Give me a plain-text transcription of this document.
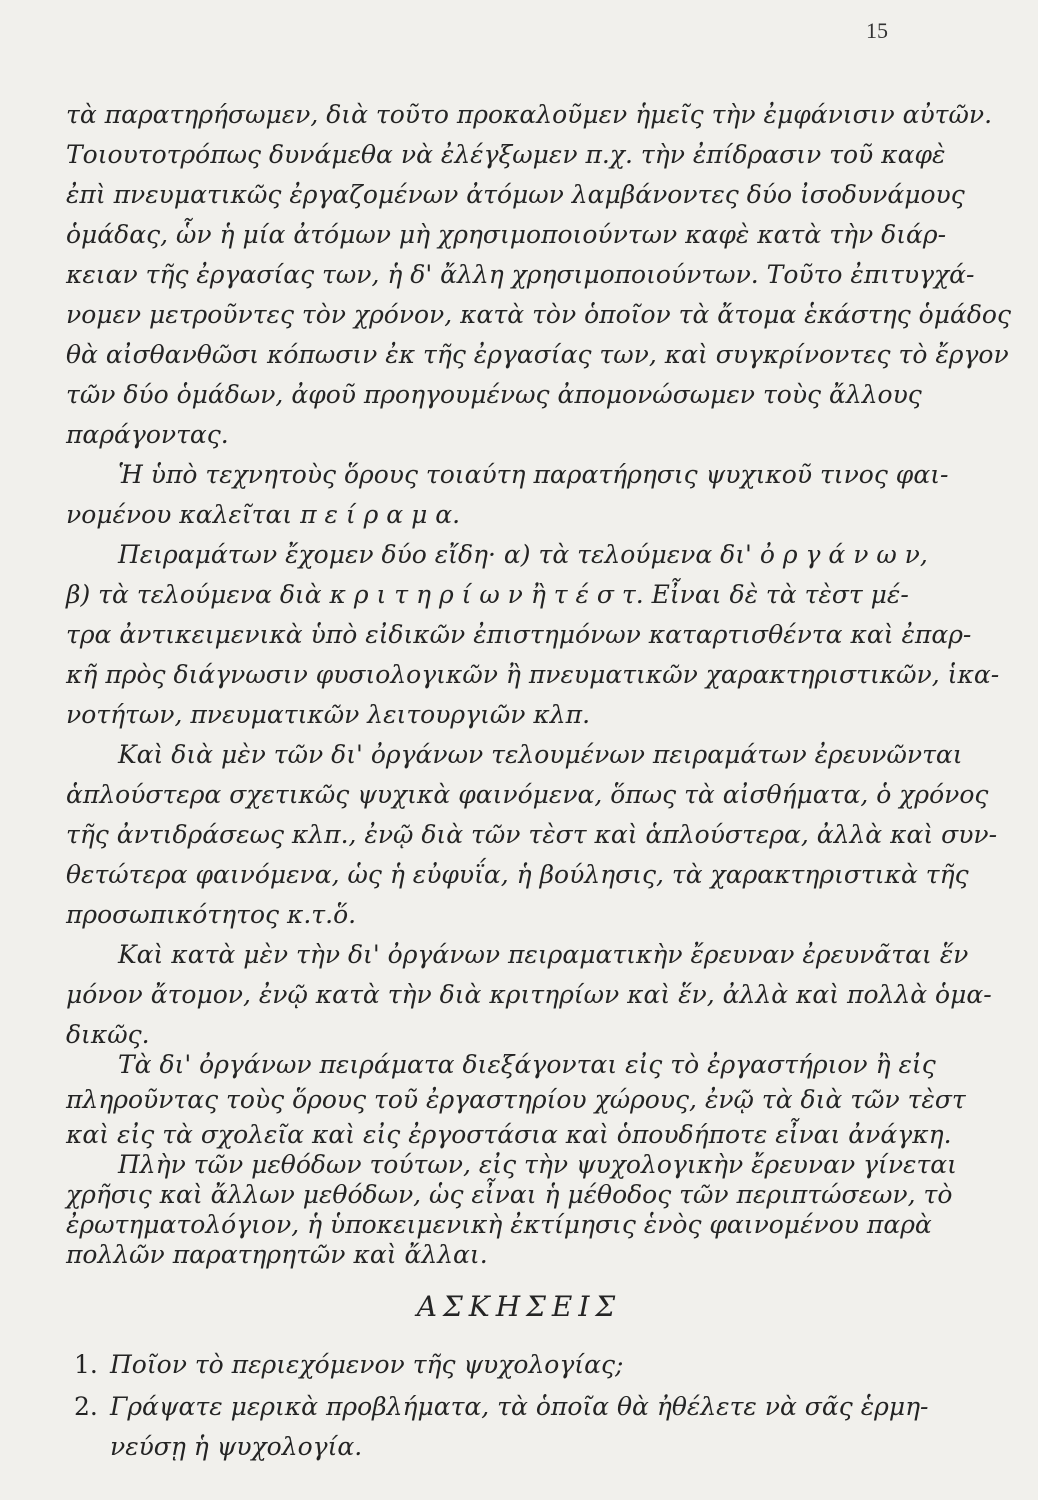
15
τὰ παρατηρήσωμεν, διὰ τοῦτο προκαλοῦμεν ἡμεῖς τὴν ἐμφάνισιν αὐτῶν.
Τοιουτοτρόπως δυνάμεθα νὰ ἐλέγξωμεν π.χ. τὴν ἐπίδρασιν τοῦ καφὲ
ἐπὶ πνευματικῶς ἐργαζομένων ἀτόμων λαμβάνοντες δύο ἰσοδυνάμους
ὁμάδας, ὧν ἡ μία ἀτόμων μὴ χρησιμοποιούντων καφὲ κατὰ τὴν διάρ-
κειαν τῆς ἐργασίας των, ἡ δ' ἄλλη χρησιμοποιούντων. Τοῦτο ἐπιτυγχά-
νομεν μετροῦντες τὸν χρόνον, κατὰ τὸν ὁποῖον τὰ ἄτομα ἑκάστης ὁμάδος
θὰ αἰσθανθῶσι κόπωσιν ἐκ τῆς ἐργασίας των, καὶ συγκρίνοντες τὸ ἔργον
τῶν δύο ὁμάδων, ἀφοῦ προηγουμένως ἀπομονώσωμεν τοὺς ἄλλους
παράγοντας.
Ἡ ὑπὸ τεχνητοὺς ὅρους τοιαύτη παρατήρησις ψυχικοῦ τινος φαι-
νομένου καλεῖται π ε ί ρ α μ α.
Πειραμάτων ἔχομεν δύο εἴδη· α) τὰ τελούμενα δι' ὀ ρ γ ά ν ω ν,
β) τὰ τελούμενα διὰ κ ρ ι τ η ρ ί ω ν ἢ τ έ σ τ. Εἶναι δὲ τὰ τὲστ μέ-
τρα ἀντικειμενικὰ ὑπὸ εἰδικῶν ἐπιστημόνων καταρτισθέντα καὶ ἐπαρ-
κῆ πρὸς διάγνωσιν φυσιολογικῶν ἢ πνευματικῶν χαρακτηριστικῶν, ἱκα-
νοτήτων, πνευματικῶν λειτουργιῶν κλπ.
Καὶ διὰ μὲν τῶν δι' ὀργάνων τελουμένων πειραμάτων ἐρευνῶνται
ἁπλούστερα σχετικῶς ψυχικὰ φαινόμενα, ὅπως τὰ αἰσθήματα, ὁ χρόνος
τῆς ἀντιδράσεως κλπ., ἐνῷ διὰ τῶν τὲστ καὶ ἁπλούστερα, ἀλλὰ καὶ συν-
θετώτερα φαινόμενα, ὡς ἡ εὐφυΐα, ἡ βούλησις, τὰ χαρακτηριστικὰ τῆς
προσωπικότητος κ.τ.ὅ.
Καὶ κατὰ μὲν τὴν δι' ὀργάνων πειραματικὴν ἔρευναν ἐρευνᾶται ἕν
μόνον ἄτομον, ἐνῷ κατὰ τὴν διὰ κριτηρίων καὶ ἕν, ἀλλὰ καὶ πολλὰ ὁμα-
δικῶς.
Τὰ δι' ὀργάνων πειράματα διεξάγονται εἰς τὸ ἐργαστήριον ἢ εἰς
πληροῦντας τοὺς ὅρους τοῦ ἐργαστηρίου χώρους, ἐνῷ τὰ διὰ τῶν τὲστ
καὶ εἰς τὰ σχολεῖα καὶ εἰς ἐργοστάσια καὶ ὁπουδήποτε εἶναι ἀνάγκη.
Πλὴν τῶν μεθόδων τούτων, εἰς τὴν ψυχολογικὴν ἔρευναν γίνεται
χρῆσις καὶ ἄλλων μεθόδων, ὡς εἶναι ἡ μέθοδος τῶν περιπτώσεων, τὸ
ἐρωτηματολόγιον, ἡ ὑποκειμενικὴ ἐκτίμησις ἑνὸς φαινομένου παρὰ
πολλῶν παρατηρητῶν καὶ ἄλλαι.
ΑΣΚΗΣΕΙΣ
1. Ποῖον τὸ περιεχόμενον τῆς ψυχολογίας;
2. Γράψατε μερικὰ προβλήματα, τὰ ὁποῖα θὰ ἠθέλετε νὰ σᾶς ἑρμη-
νεύσῃ ἡ ψυχολογία.
